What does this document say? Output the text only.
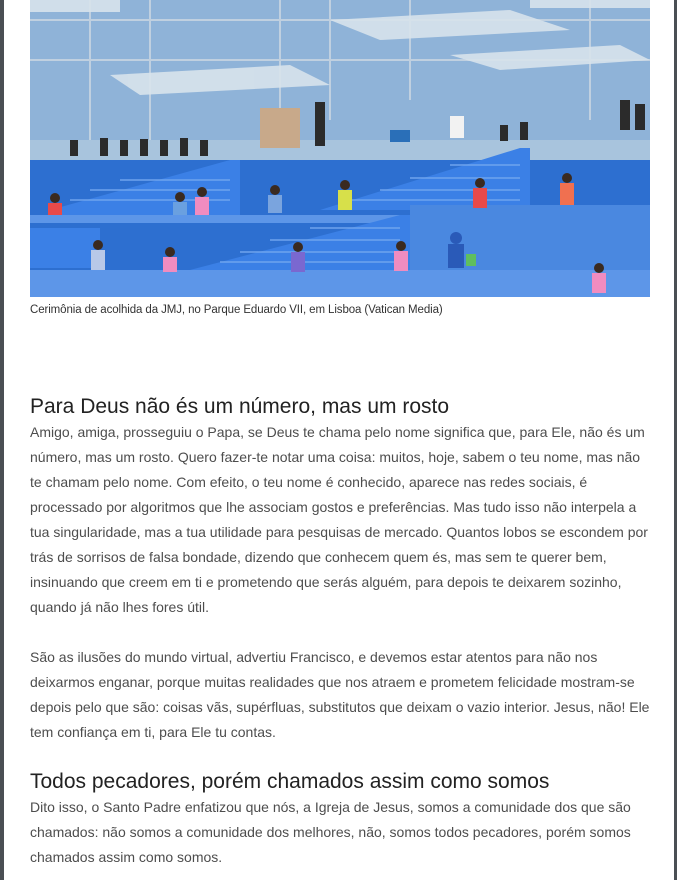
Cerimônia de acolhida da JMJ, no Parque Eduardo VII, em Lisboa (Vatican Media)
Para Deus não és um número, mas um rosto

Amigo, amiga, prosseguiu o Papa, se Deus te chama pelo nome significa que, para Ele, não és um número, mas um rosto. Quero fazer-te notar uma coisa: muitos, hoje, sabem o teu nome, mas não te chamam pelo nome. Com efeito, o teu nome é conhecido, aparece nas redes sociais, é processado por algoritmos que lhe associam gostos e preferências. Mas tudo isso não interpela a tua singularidade, mas a tua utilidade para pesquisas de mercado. Quantos lobos se escondem por trás de sorrisos de falsa bondade, dizendo que conhecem quem és, mas sem te querer bem, insinuando que creem em ti e prometendo que serás alguém, para depois te deixarem sozinho, quando já não lhes fores útil.

São as ilusões do mundo virtual, advertiu Francisco, e devemos estar atentos para não nos deixarmos enganar, porque muitas realidades que nos atraem e prometem felicidade mostram-se depois pelo que são: coisas vãs, supérfluas, substitutos que deixam o vazio interior. Jesus, não! Ele tem confiança em ti, para Ele tu contas.

Todos pecadores, porém chamados assim como somos

Dito isso, o Santo Padre enfatizou que nós, a Igreja de Jesus, somos a comunidade dos que são chamados: não somos a comunidade dos melhores, não, somos todos pecadores, porém somos chamados assim como somos.
